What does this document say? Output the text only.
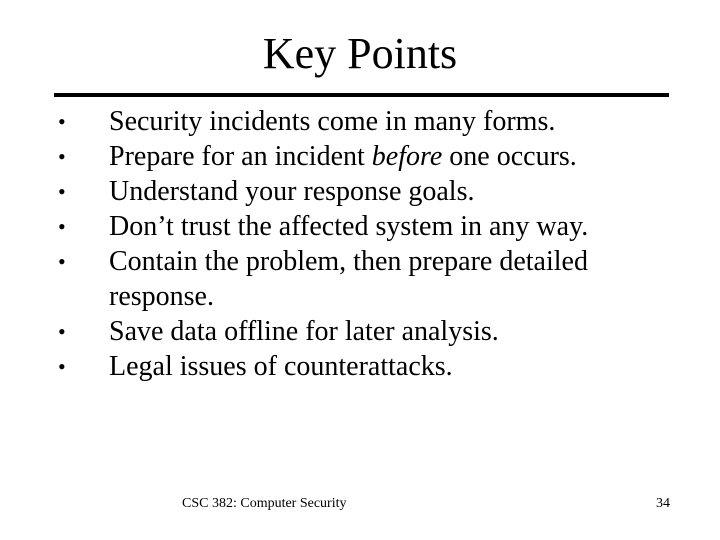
Key Points
• Security incidents come in many forms.
• Prepare for an incident before one occurs.
• Understand your response goals.
• Don’t trust the affected system in any way.
• Contain the problem, then prepare detailed response.
• Save data offline for later analysis.
• Legal issues of counterattacks.
CSC 382: Computer Security	34
